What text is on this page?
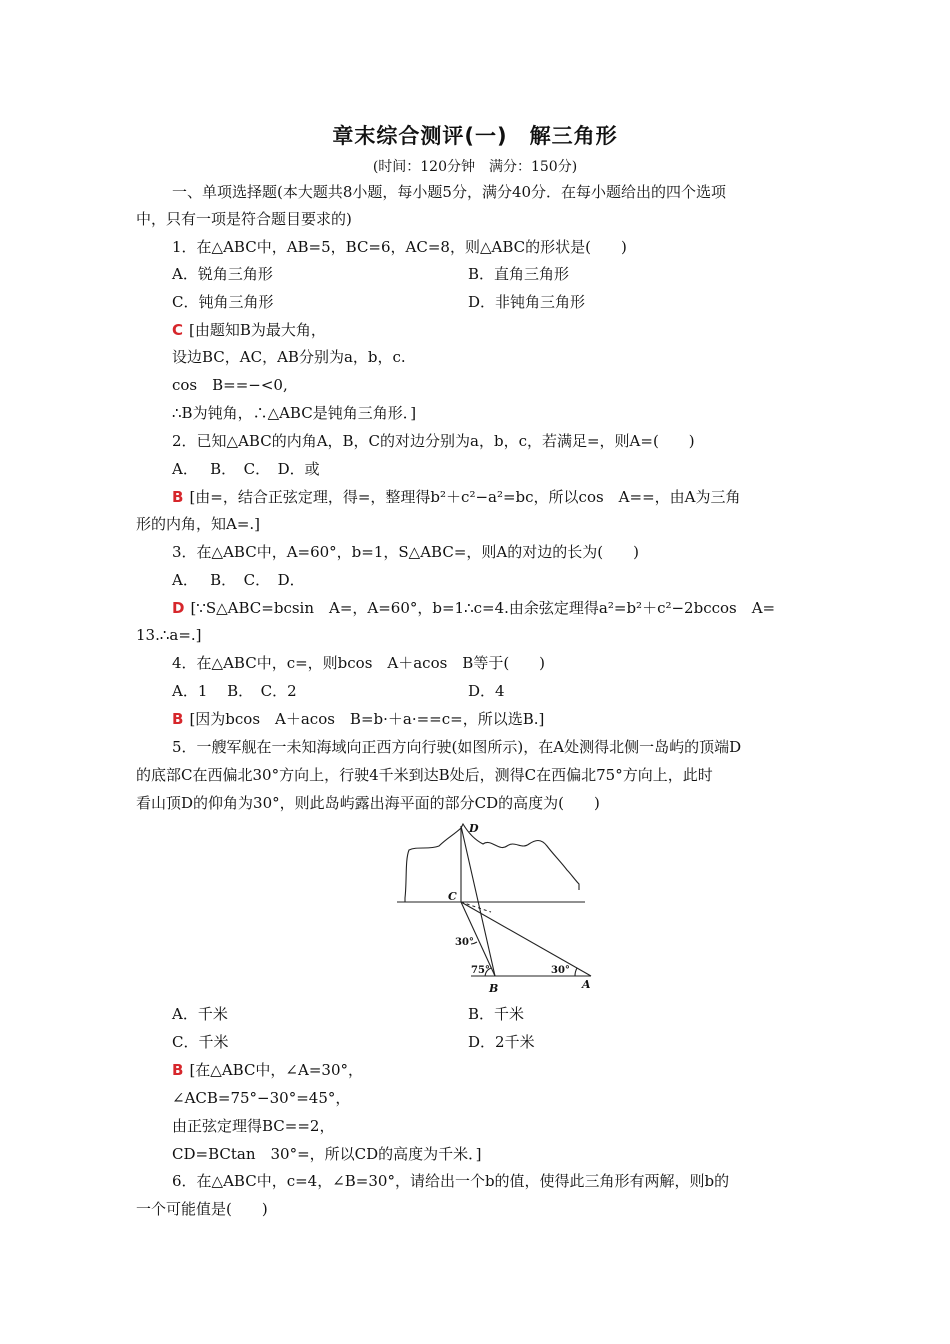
章末综合测评(一)　解三角形
(时间：120分钟　满分：150分)
一、单项选择题(本大题共8小题，每小题5分，满分40分．在每小题给出的四个选项
中，只有一项是符合题目要求的)
1．在△ABC中，AB=5，BC=6，AC=8，则△ABC的形状是(　　)
A．锐角三角形	B．直角三角形
C．钝角三角形	D．非钝角三角形
C [由题知B为最大角，
设边BC，AC，AB分别为a，b，c.
cos　B==−<0,
∴B为钝角，∴△ABC是钝角三角形．]
2．已知△ABC的内角A，B，C的对边分别为a，b，c，若满足=，则A=(　　)
A．　 B．　C．　D．或
B [由=，结合正弦定理，得=，整理得b²＋c²−a²=bc，所以cos　A==，由A为三角
形的内角，知A=.]
3．在△ABC中，A=60°，b=1，S△ABC=，则A的对边的长为(　　)
A．　 B．　C．　D．
D [∵S△ABC=bcsin　A=，A=60°，b=1∴c=4.由余弦定理得a²=b²＋c²−2bccos　A=
13.∴a=.]
4．在△ABC中，c=，则bcos　A＋acos　B等于(　　)
A．1　 B．　C．2	D．4
B [因为bcos　A＋acos　B=b·＋a·==c=，所以选B.]
5．一艘军舰在一未知海域向正西方向行驶(如图所示)，在A处测得北侧一岛屿的顶端D
的底部C在西偏北30°方向上，行驶4千米到达B处后，测得C在西偏北75°方向上，此时
看山顶D的仰角为30°，则此岛屿露出海平面的部分CD的高度为(　　)
D
C
B	A
30°
75°	30°
A．千米	B．千米
C．千米	D．2千米
B [在△ABC中，∠A=30°，
∠ACB=75°−30°=45°，
由正弦定理得BC==2，
CD=BCtan　30°=，所以CD的高度为千米．]
6．在△ABC中，c=4，∠B=30°，请给出一个b的值，使得此三角形有两解，则b的
一个可能值是(　　)
